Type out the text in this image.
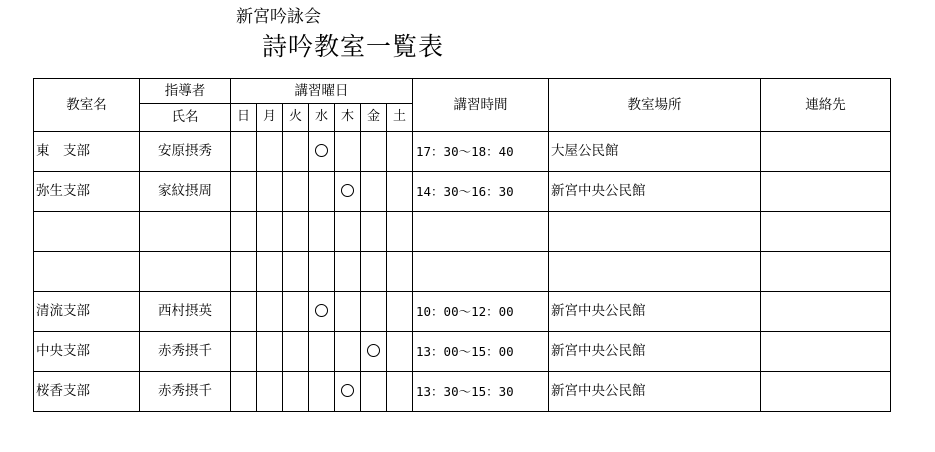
新宮吟詠会
詩吟教室一覧表
教室名	指導者	講習曜日							講習時間	教室場所	連絡先
	氏名	日	月	火	水	木	金	土			
東　支部	安原摂秀								17：30～18：40	大屋公民館	
弥生支部	家紋摂周								14：30～16：30	新宮中央公民館	

清流支部	西村摂英								10：00～12：00	新宮中央公民館	
中央支部	赤秀摂千								13：00～15：00	新宮中央公民館	
桜香支部	赤秀摂千								13：30～15：30	新宮中央公民館	
